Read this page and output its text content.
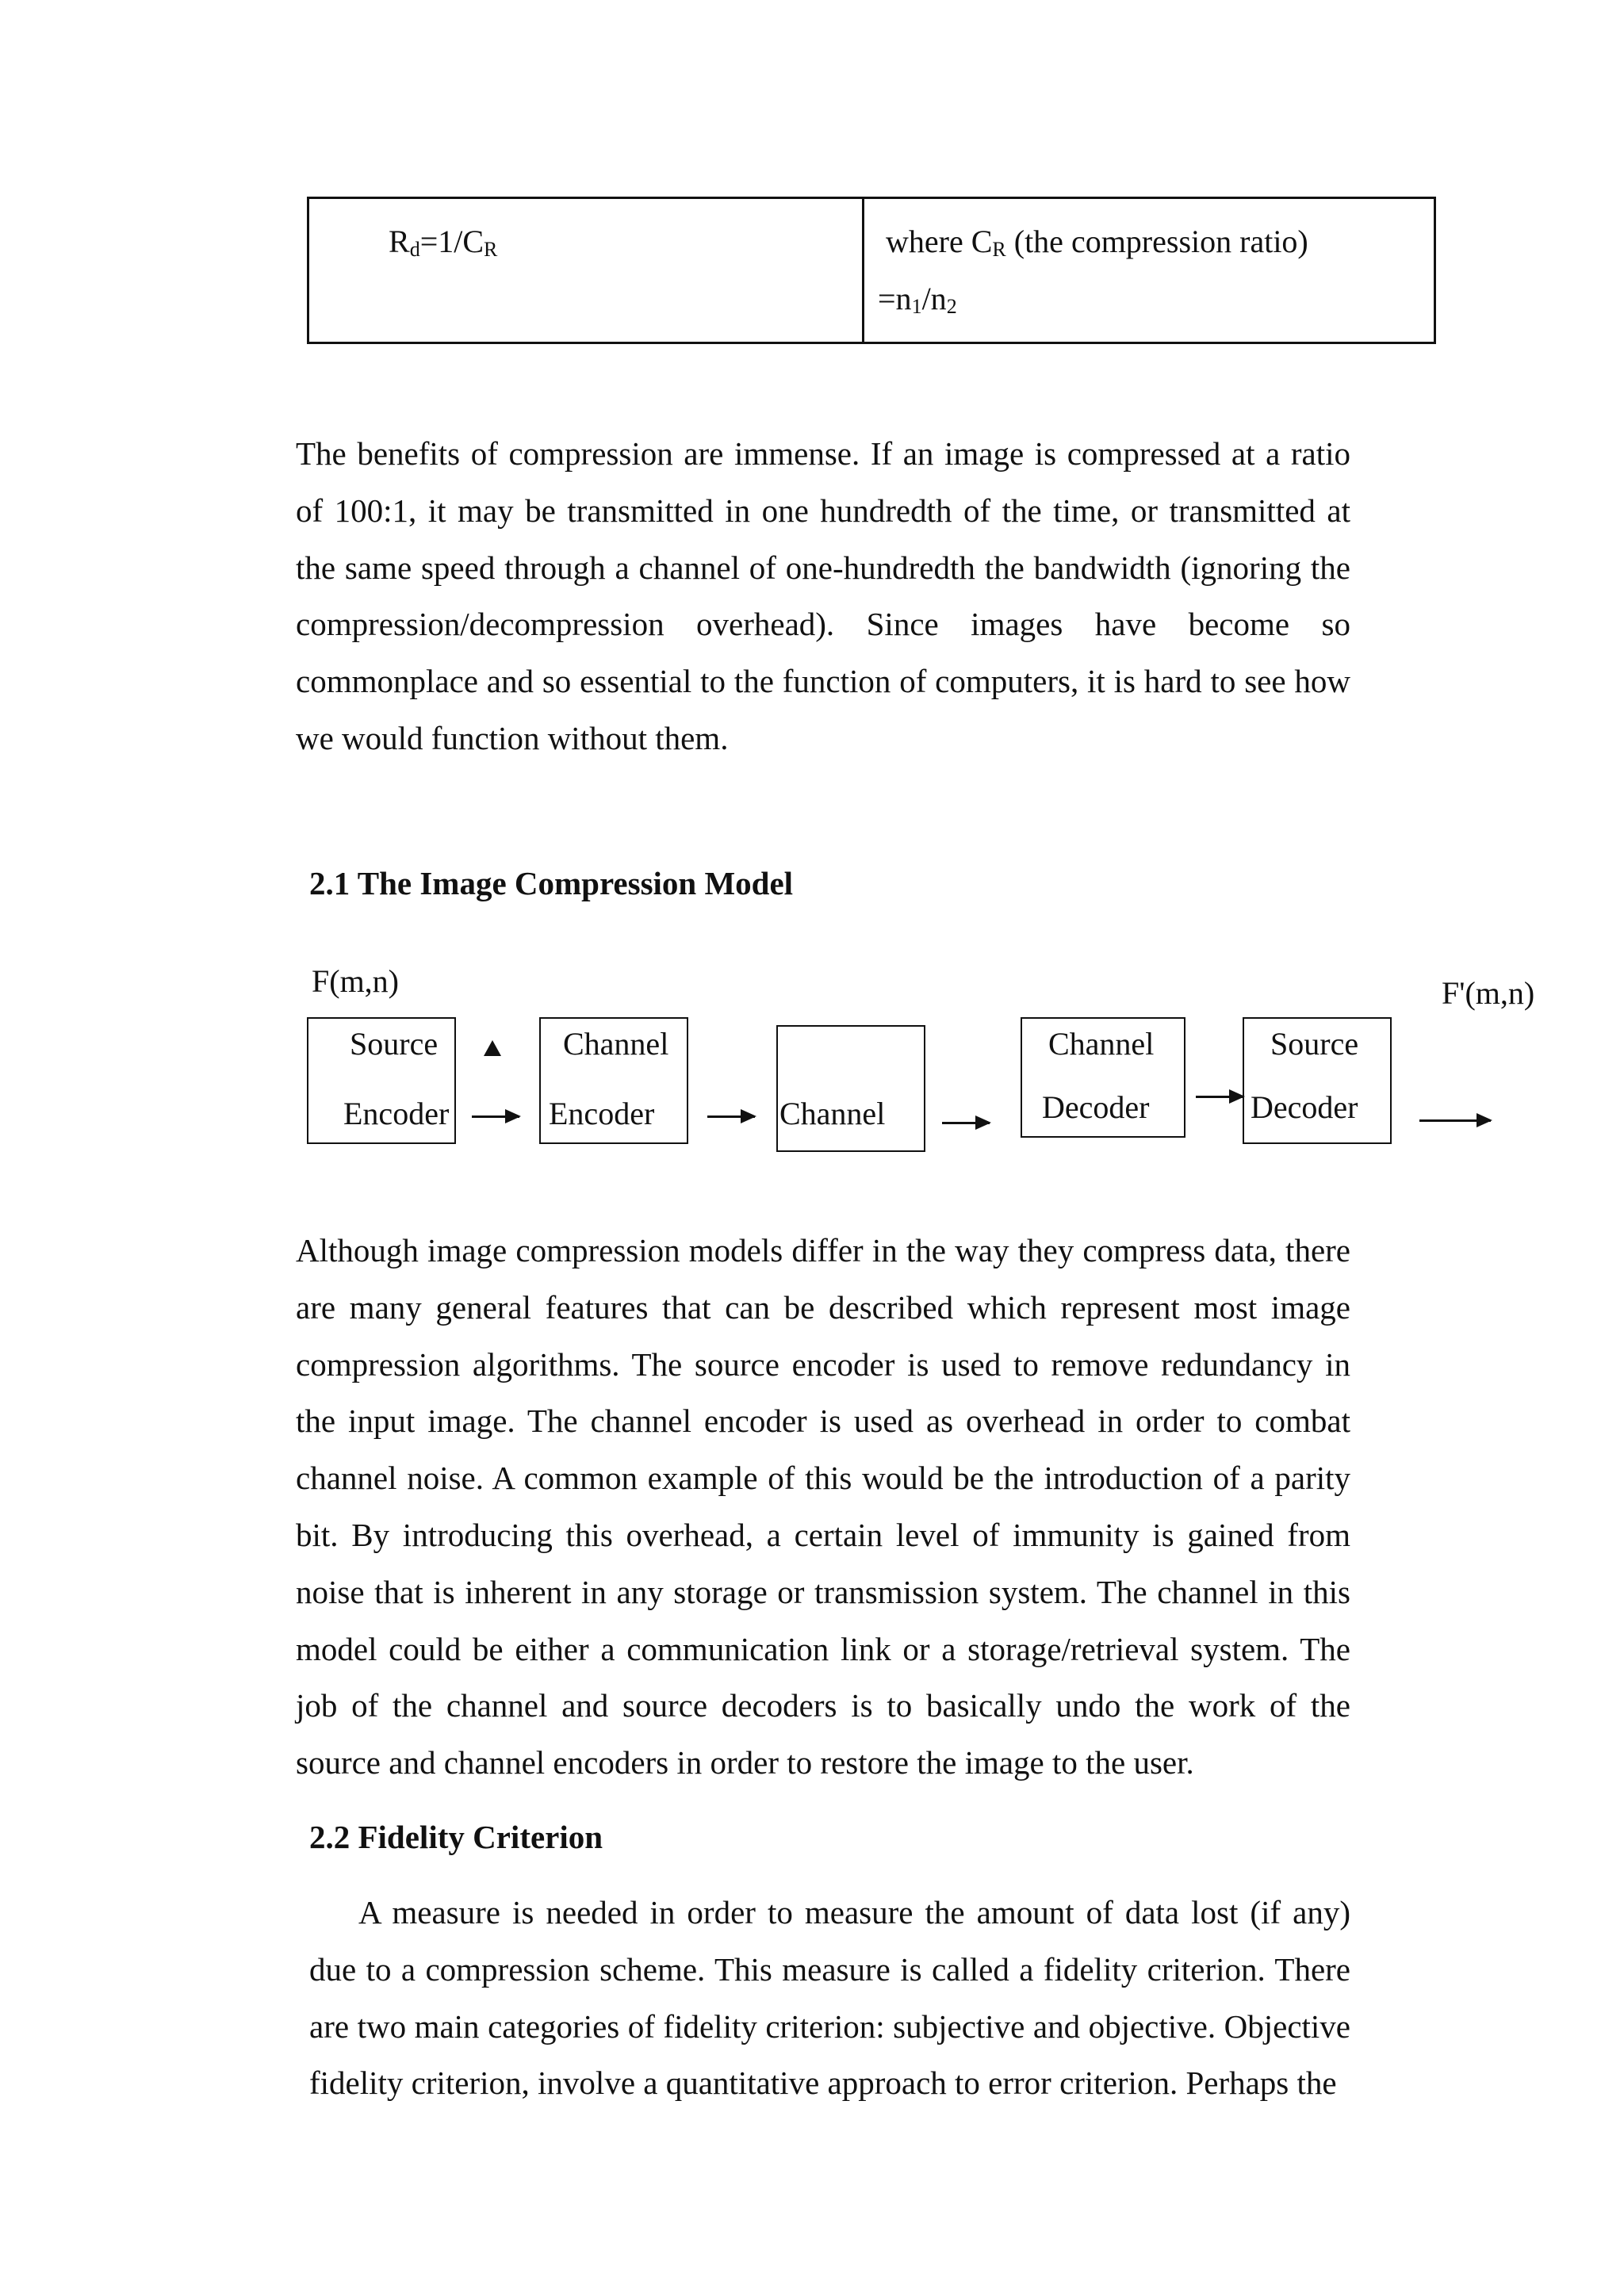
$R_d=1/C_R$	where $C_R$ (the compression ratio)
$=n_1/n_2$

The benefits of compression are immense. If an image is compressed at a ratio of 100:1, it may be transmitted in one hundredth of the time, or transmitted at the same speed through a channel of one-hundredth the bandwidth (ignoring the compression/decompression overhead). Since images have become so commonplace and so essential to the function of computers, it is hard to see how we would function without them.

2.1 The Image Compression Model
F(m,n)	F'(m,n)
Source
Encoder
Channel
Encoder	Channel
Channel
Decoder
Source
Decoder

Although image compression models differ in the way they compress data, there are many general features that can be described which represent most image compression algorithms. The source encoder is used to remove redundancy in the input image. The channel encoder is used as overhead in order to combat channel noise. A common example of this would be the introduction of a parity bit. By introducing this overhead, a certain level of immunity is gained from noise that is inherent in any storage or transmission system. The channel in this model could be either a communication link or a storage/retrieval system. The job of the channel and source decoders is to basically undo the work of the source and channel encoders in order to restore the image to the user.

2.2 Fidelity Criterion

A measure is needed in order to measure the amount of data lost (if any) due to a compression scheme. This measure is called a fidelity criterion. There are two main categories of fidelity criterion: subjective and objective. Objective fidelity criterion, involve a quantitative approach to error criterion. Perhaps the
